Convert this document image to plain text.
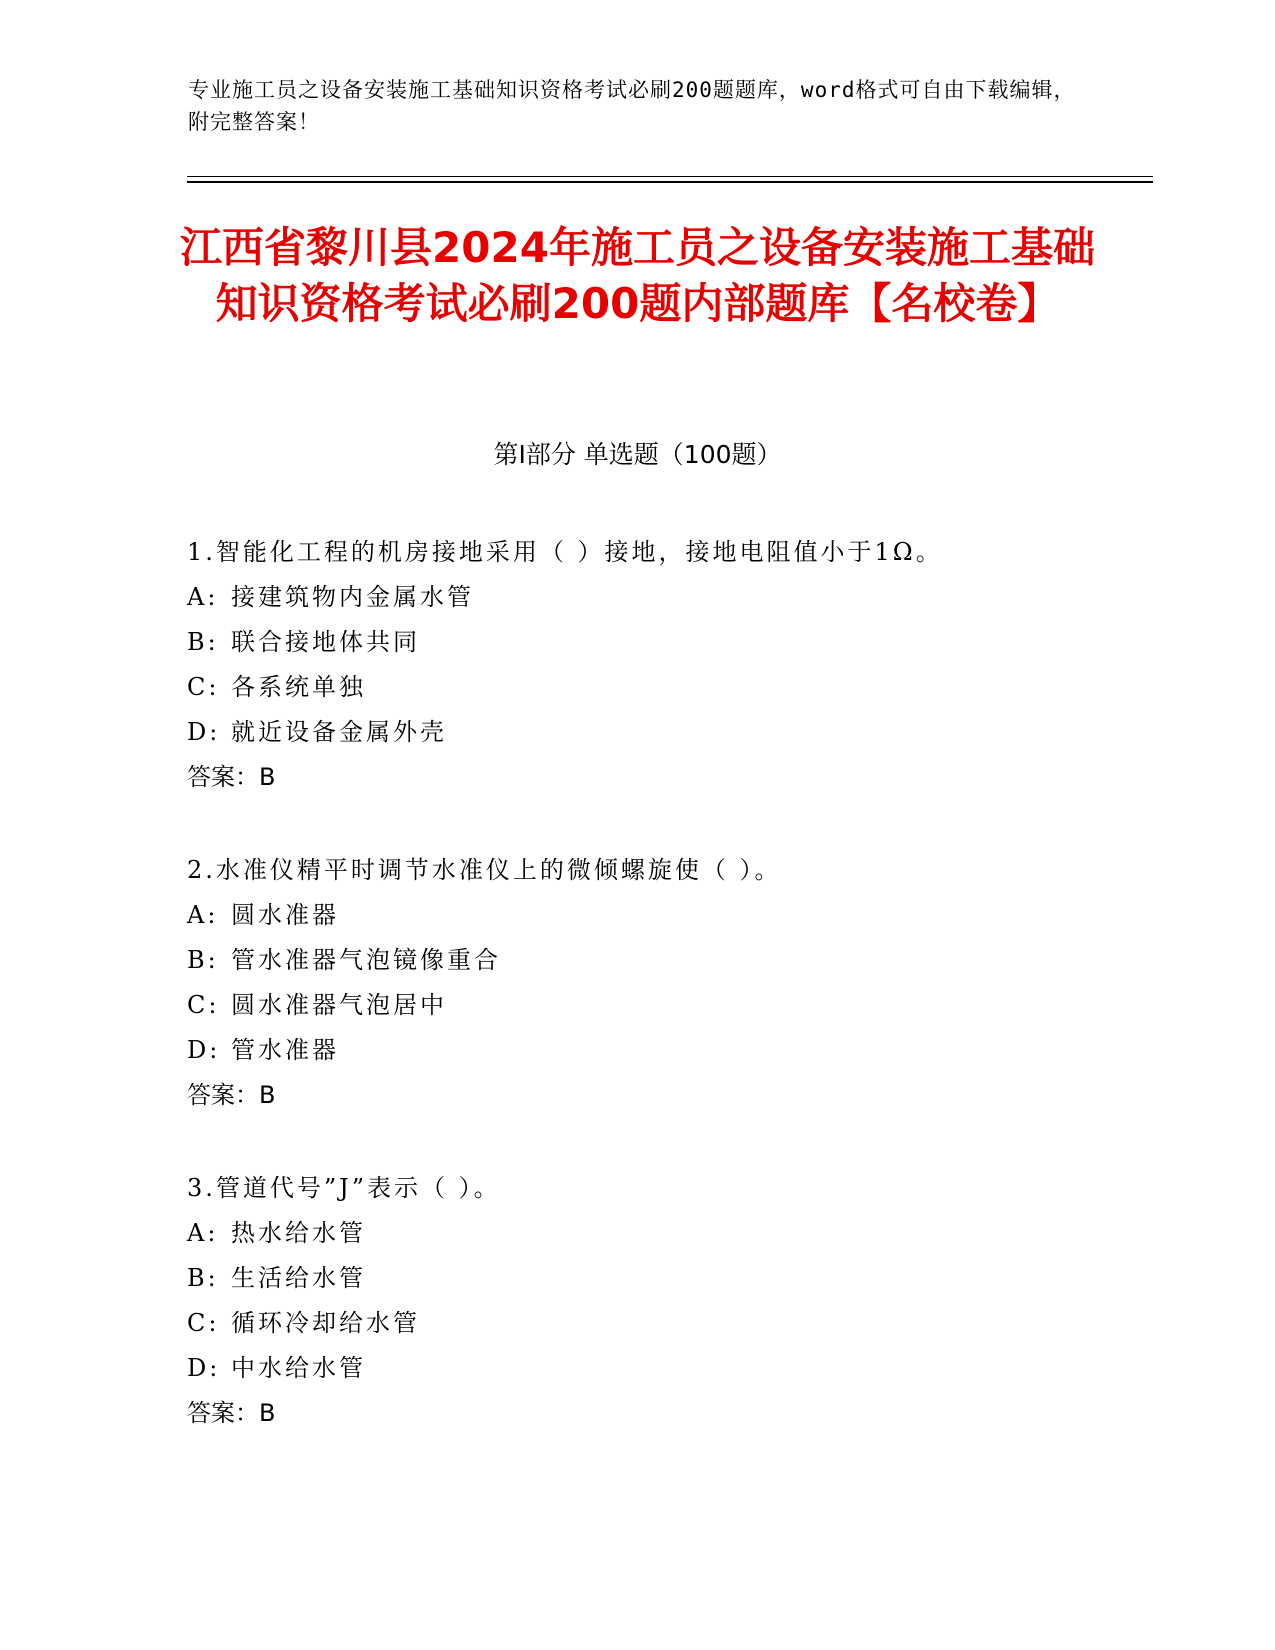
专业施工员之设备安装施工基础知识资格考试必刷200题题库，word格式可自由下载编辑，附完整答案！
江西省黎川县2024年施工员之设备安装施工基础知识资格考试必刷200题内部题库【名校卷】
第Ⅰ部分 单选题（100题）
1.智能化工程的机房接地采用（ ）接地，接地电阻值小于1Ω。
A: 接建筑物内金属水管
B: 联合接地体共同
C: 各系统单独
D: 就近设备金属外壳
答案：B
2.水准仪精平时调节水准仪上的微倾螺旋使（ ）。
A: 圆水准器
B: 管水准器气泡镜像重合
C: 圆水准器气泡居中
D: 管水准器
答案：B
3.管道代号”J”表示（ ）。
A: 热水给水管
B: 生活给水管
C: 循环冷却给水管
D: 中水给水管
答案：B
